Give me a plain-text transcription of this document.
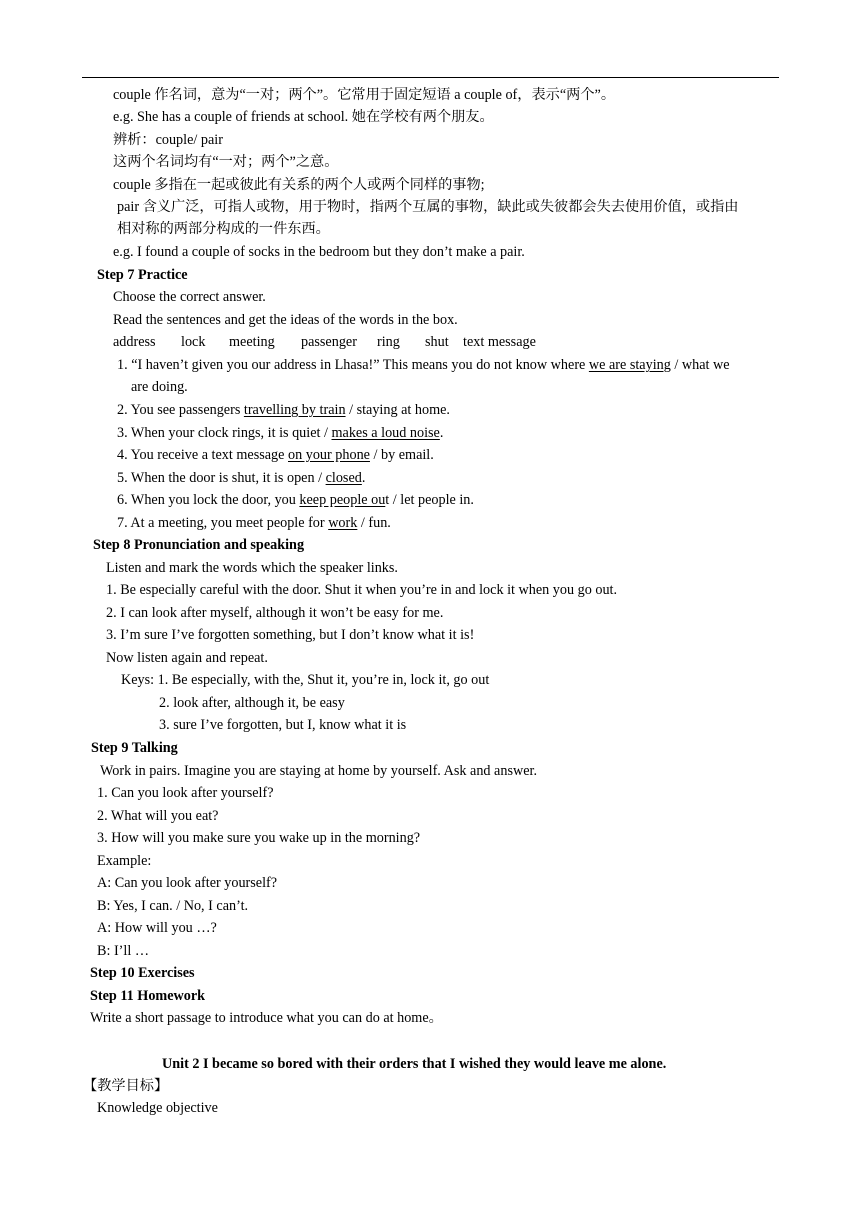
couple 作名词，意为“一对；两个”。它常用于固定短语 a couple of，表示“两个”。
e.g. She has a couple of friends at school. 她在学校有两个朋友。
辨析：couple/ pair
这两个名词均有“一对；两个”之意。
couple 多指在一起或彼此有关系的两个人或两个同样的事物;
pair 含义广泛，可指人或物，用于物时，指两个互属的事物，缺此或失彼都会失去使用价值，或指由
相对称的两部分构成的一件东西。
e.g. I found a couple of socks in the bedroom but they don’t make a pair.
Step 7 Practice
Choose the correct answer.
Read the sentences and get the ideas of the words in the box.
address lock meeting passenger ring shut text message
1. “I haven’t given you our address in Lhasa!” This means you do not know where we are staying / what we
are doing.
2. You see passengers travelling by train / staying at home.
3. When your clock rings, it is quiet / makes a loud noise.
4. You receive a text message on your phone / by email.
5. When the door is shut, it is open / closed.
6. When you lock the door, you keep people out / let people in.
7. At a meeting, you meet people for work / fun.
Step 8 Pronunciation and speaking
Listen and mark the words which the speaker links.
1. Be especially careful with the door. Shut it when you’re in and lock it when you go out.
2. I can look after myself, although it won’t be easy for me.
3. I’m sure I’ve forgotten something, but I don’t know what it is!
Now listen again and repeat.
Keys: 1. Be especially, with the, Shut it, you’re in, lock it, go out
2. look after, although it, be easy
3. sure I’ve forgotten, but I, know what it is
Step 9 Talking
Work in pairs. Imagine you are staying at home by yourself. Ask and answer.
1. Can you look after yourself?
2. What will you eat?
3. How will you make sure you wake up in the morning?
Example:
A: Can you look after yourself?
B: Yes, I can. / No, I can’t.
A: How will you …?
B: I’ll …
Step 10 Exercises
Step 11 Homework
Write a short passage to introduce what you can do at home。
Unit 2 I became so bored with their orders that I wished they would leave me alone.
【教学目标】
Knowledge objective
